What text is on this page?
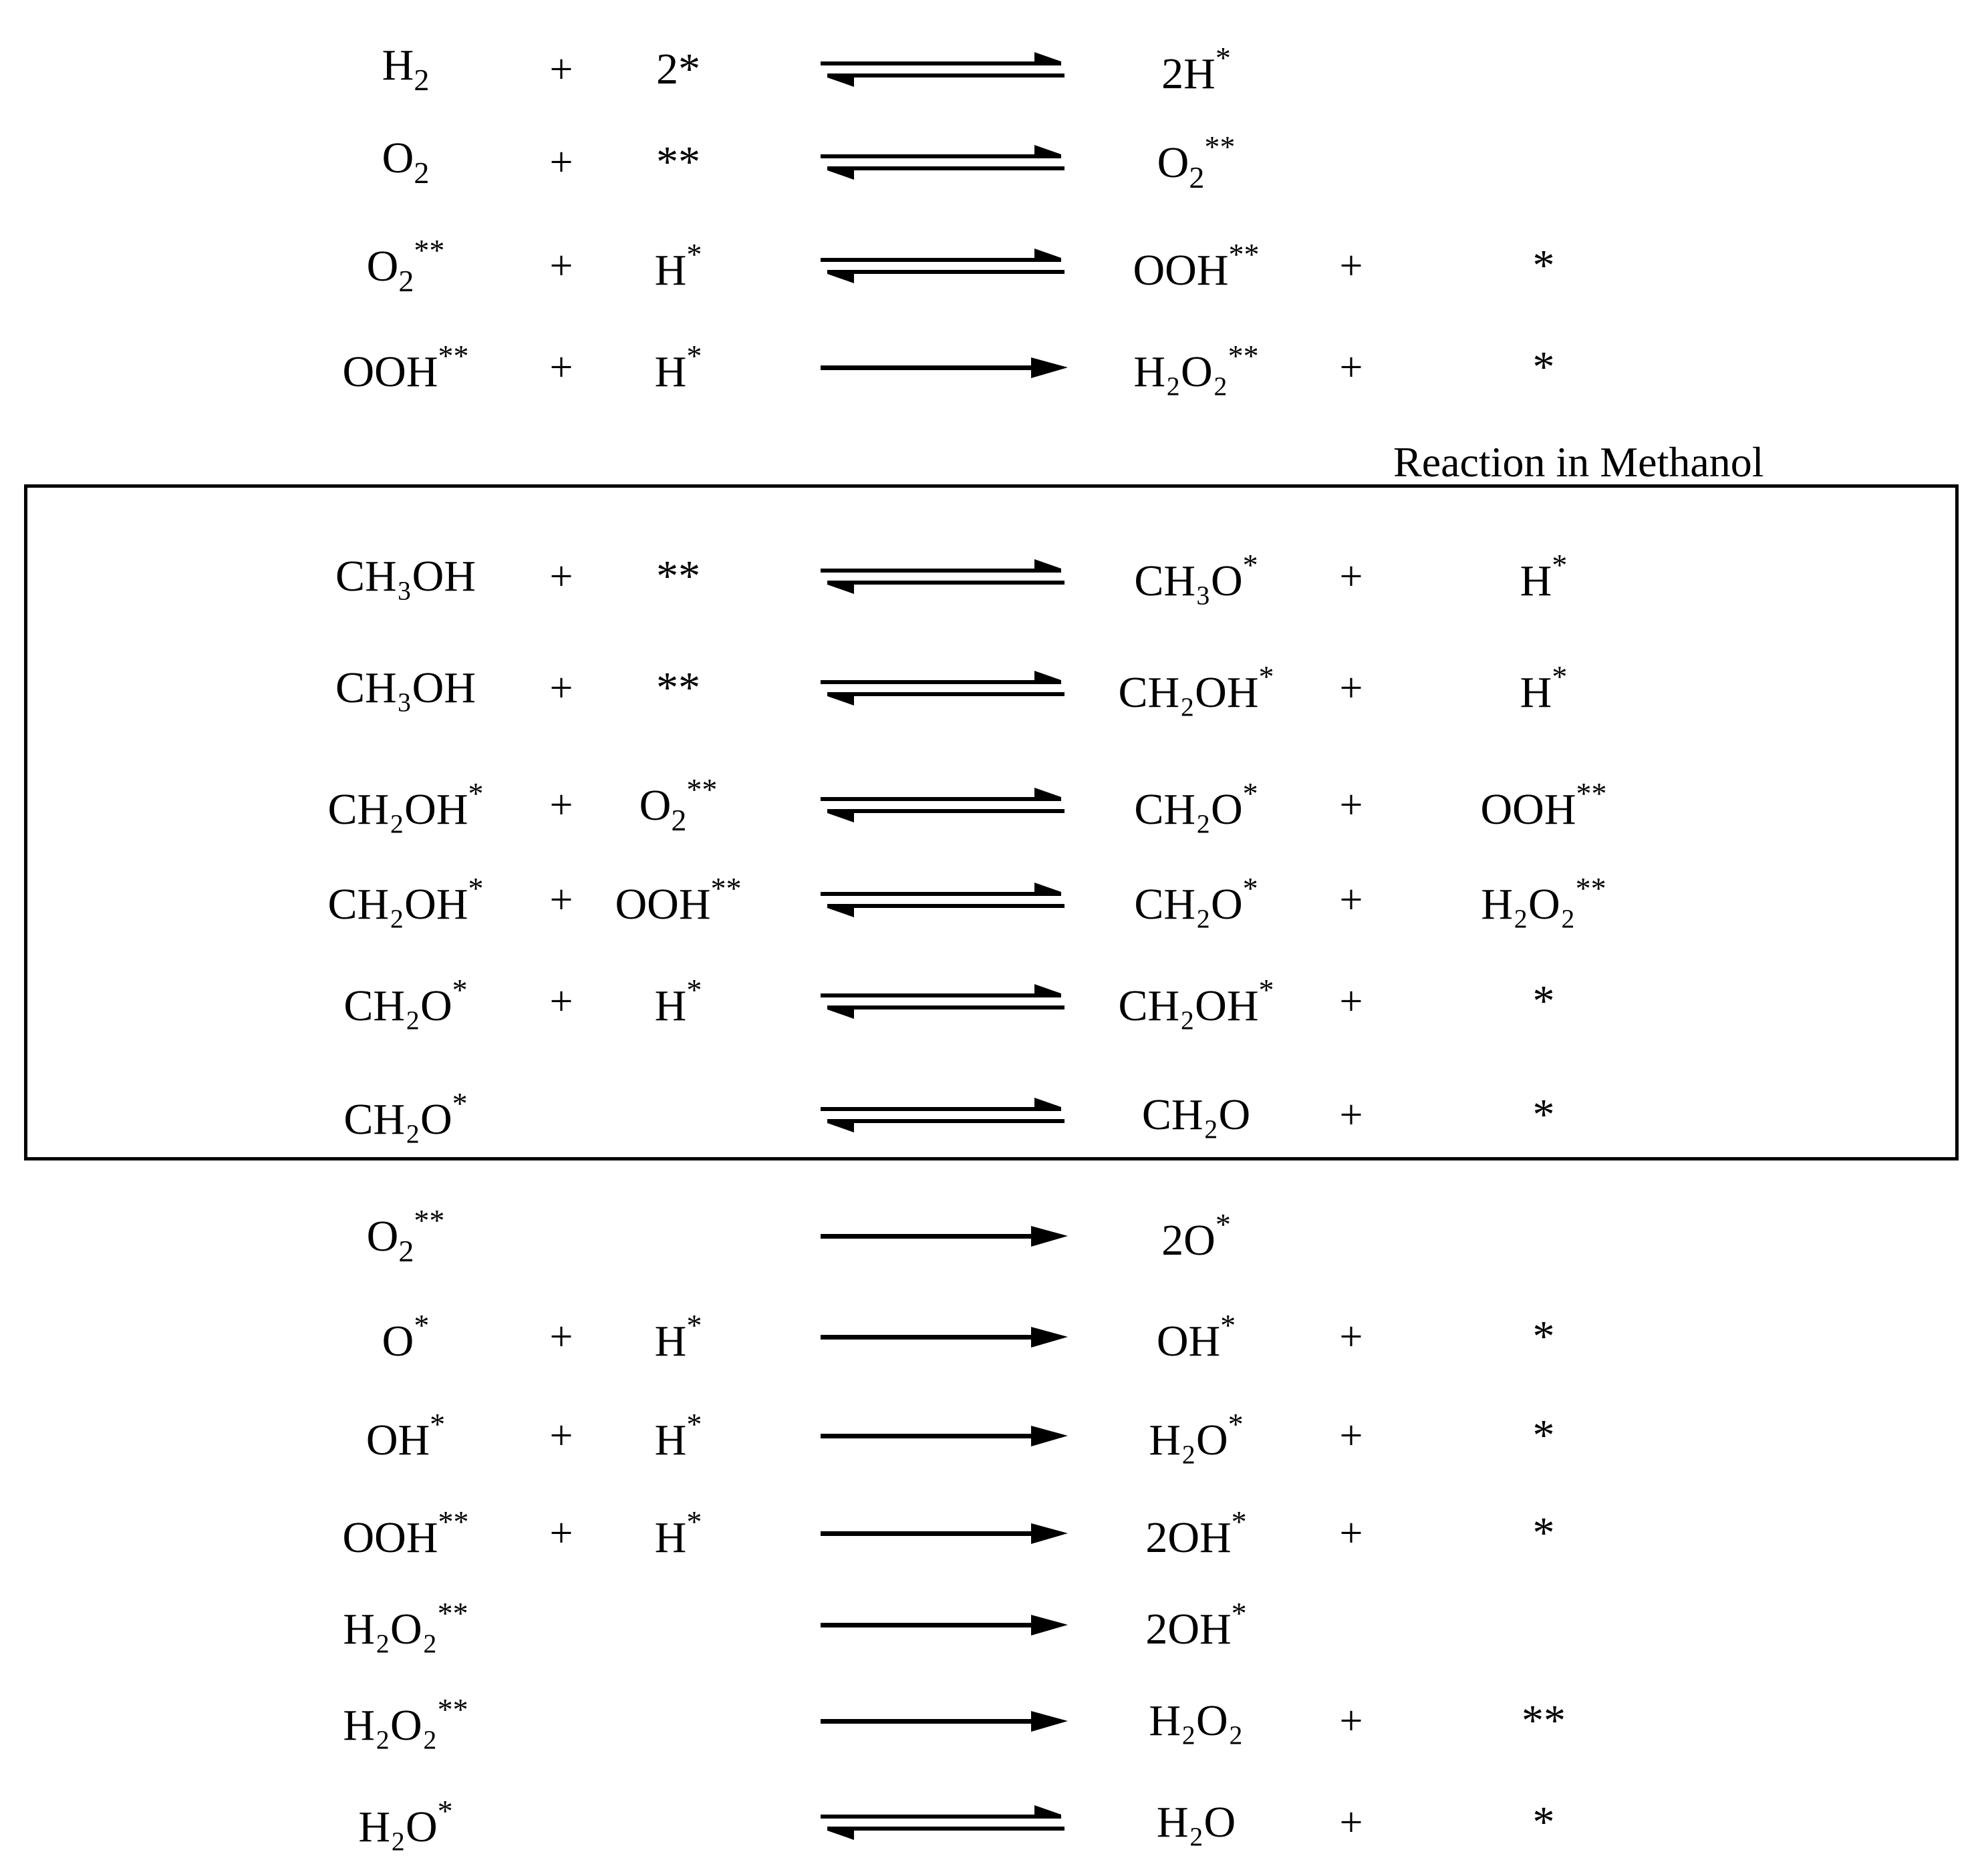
Reaction in Methanol
$H_2$	+ 2*	2H*
$O_2$	+ **	$O_2^{**}$
$O_2^{**}$	+ H*	OOH** +	*
OOH** + H*	H₂O₂** +	*
CH₃OH + **	CH₃O* +	H*
CH₃OH + **	CH₂OH* +	H*
$CH_2OH^* + O_2^{**}$	CH₂O* +	OOH**
CH₂OH* + OOH**	CH₂O* +	H₂O₂**
CH₂O* + H*	CH₂OH* +	*
CH₂O*	CH₂O +	*
$O_2^{**}$	2O*
O*	+ H*	OH*	+	*
OH*	+ H*	H₂O* +	*
OOH** + H*	2OH* +	*
H₂O₂**	2OH*
H₂O₂**	H₂O₂ +	**
H₂O*	H₂O	+	*
